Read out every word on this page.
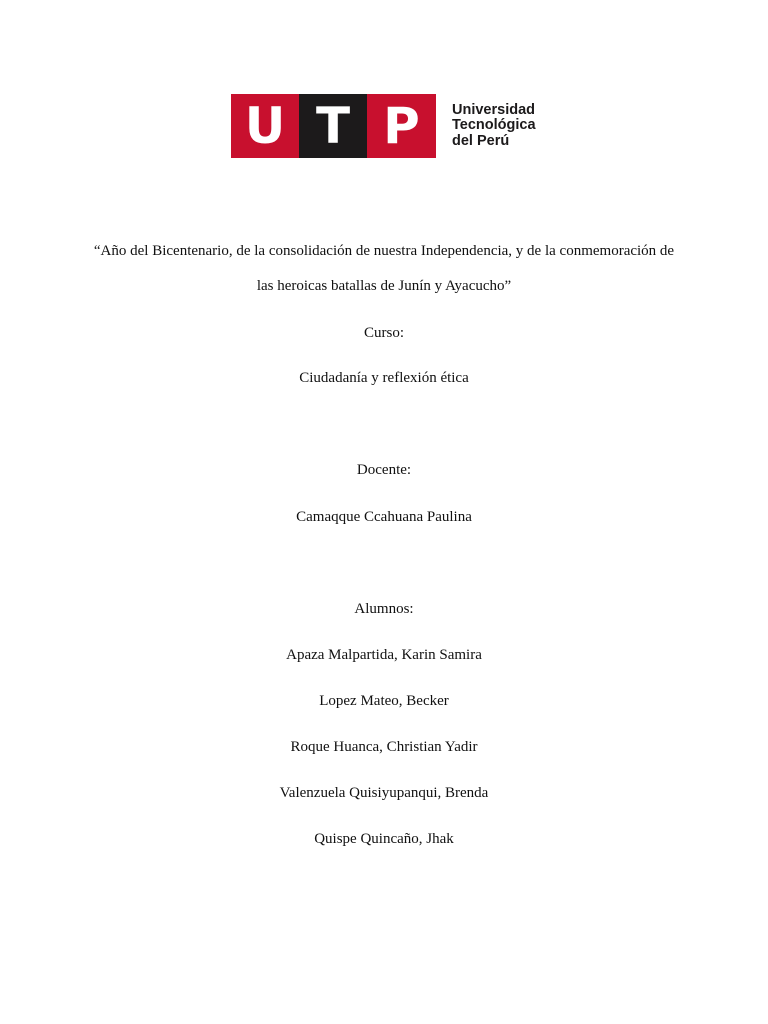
U T P	Universidad
Tecnológica
del Perú
“Año del Bicentenario, de la consolidación de nuestra Independencia, y de la conmemoración de
las heroicas batallas de Junín y Ayacucho”
Curso:
Ciudadanía y reflexión ética
Docente:
Camaqque Ccahuana Paulina
Alumnos:
Apaza Malpartida, Karin Samira
Lopez Mateo, Becker
Roque Huanca, Christian Yadir
Valenzuela Quisiyupanqui, Brenda
Quispe Quincaño, Jhak
